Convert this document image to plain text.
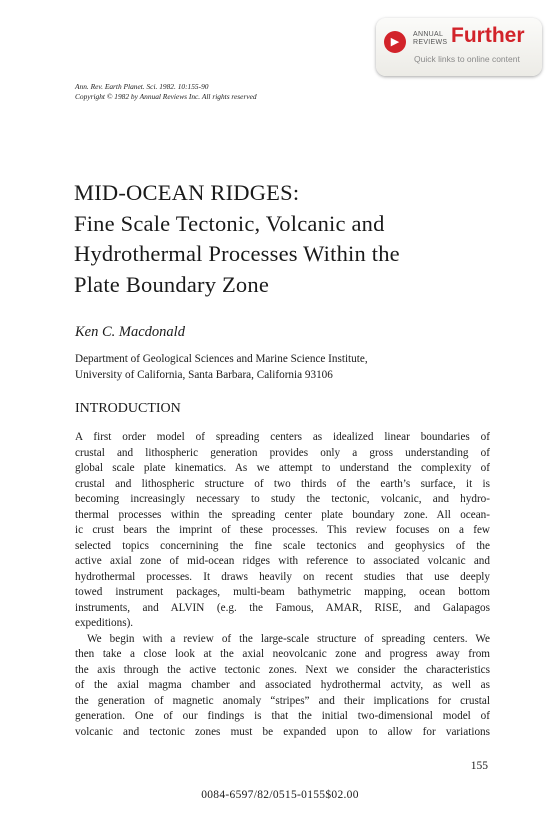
▶
ANNUAL
REVIEWS Further
Quick links to online content
Ann. Rev. Earth Planet. Sci. 1982. 10:155-90
Copyright © 1982 by Annual Reviews Inc. All rights reserved
MID-OCEAN RIDGES:
Fine Scale Tectonic, Volcanic and
Hydrothermal Processes Within the
Plate Boundary Zone
Ken C. Macdonald
Department of Geological Sciences and Marine Science Institute,
University of California, Santa Barbara, California 93106
INTRODUCTION
A first order model of spreading centers as idealized linear boundaries of
crustal and lithospheric generation provides only a gross understanding of
global scale plate kinematics. As we attempt to understand the complexity of
crustal and lithospheric structure of two thirds of the earth’s surface, it is
becoming increasingly necessary to study the tectonic, volcanic, and hydro-
thermal processes within the spreading center plate boundary zone. All ocean-
ic crust bears the imprint of these processes. This review focuses on a few
selected topics concernining the fine scale tectonics and geophysics of the
active axial zone of mid-ocean ridges with reference to associated volcanic and
hydrothermal processes. It draws heavily on recent studies that use deeply
towed instrument packages, multi-beam bathymetric mapping, ocean bottom
instruments, and ALVIN (e.g. the Famous, AMAR, RISE, and Galapagos
expeditions).
We begin with a review of the large-scale structure of spreading centers. We
then take a close look at the axial neovolcanic zone and progress away from
the axis through the active tectonic zones. Next we consider the characteristics
of the axial magma chamber and associated hydrothermal actvity, as well as
the generation of magnetic anomaly “stripes” and their implications for crustal
generation. One of our findings is that the initial two-dimensional model of
volcanic and tectonic zones must be expanded upon to allow for variations
155
0084-6597/82/0515-0155$02.00
